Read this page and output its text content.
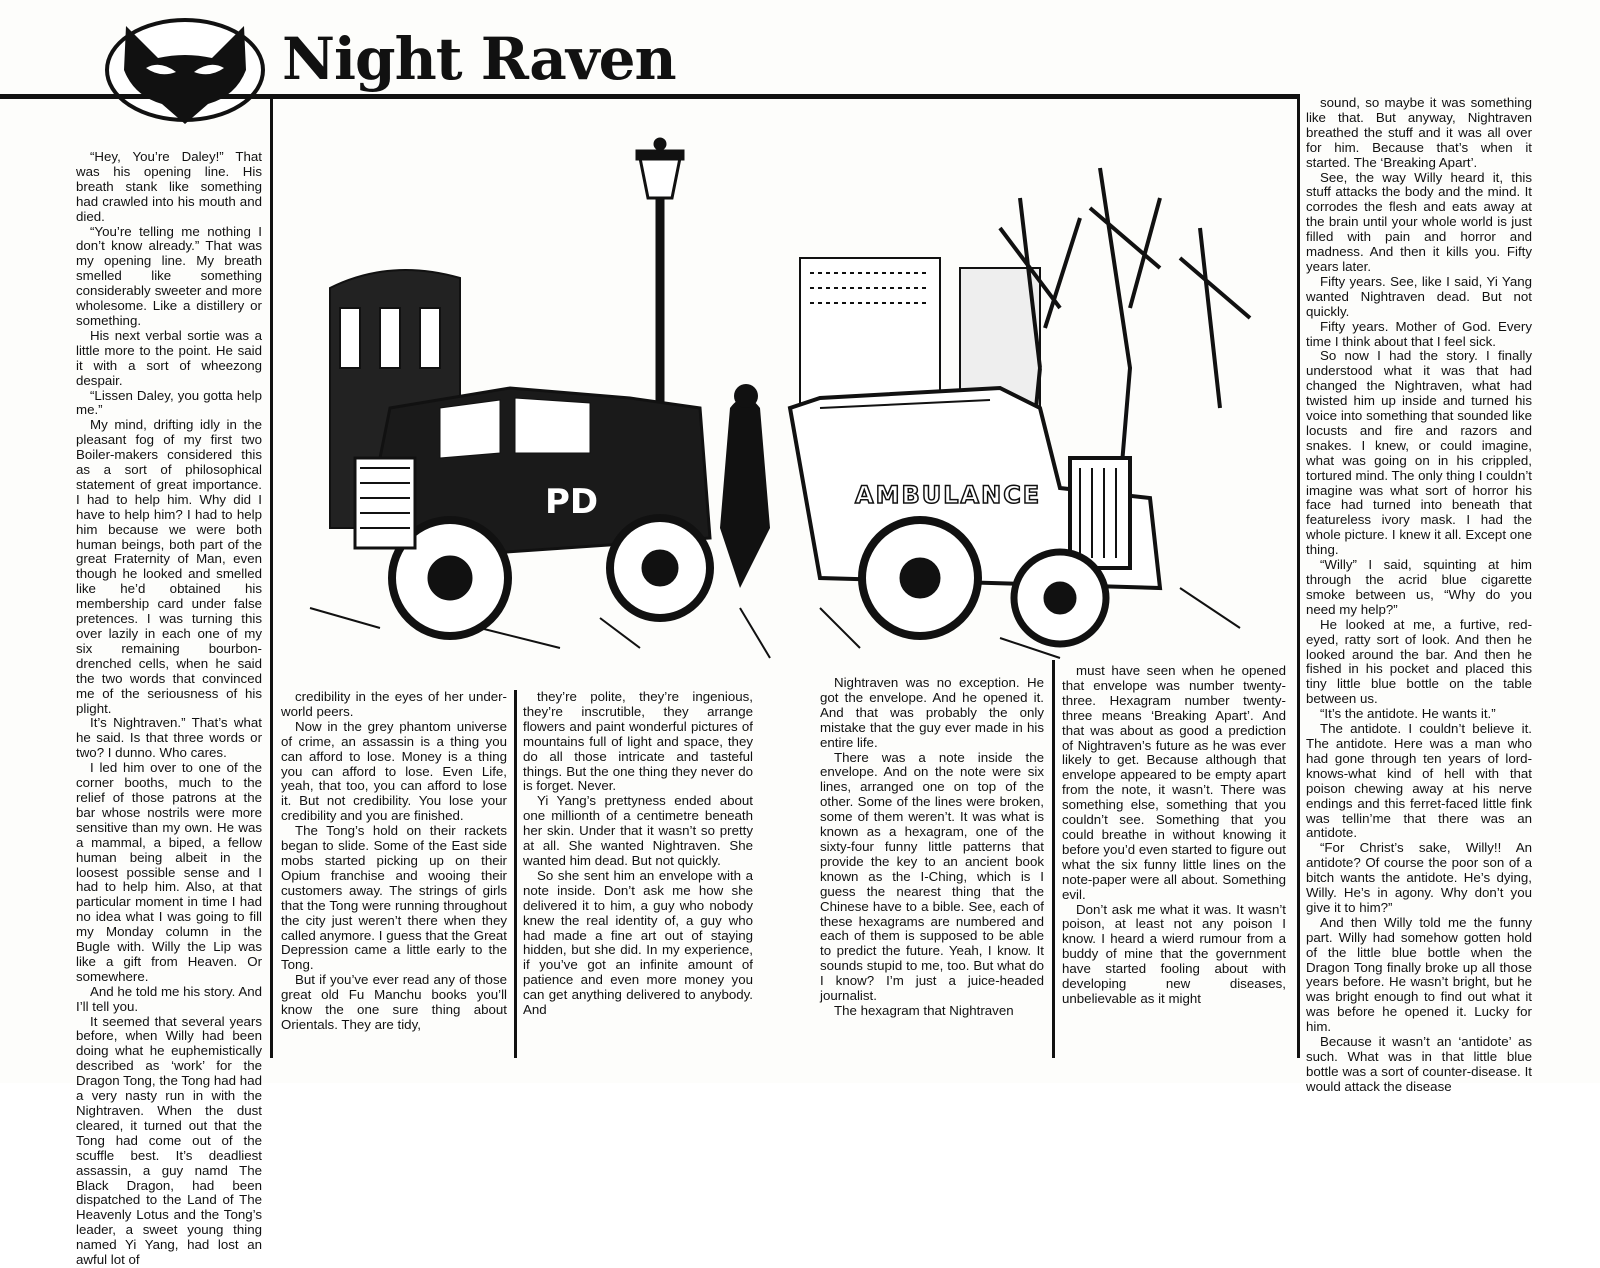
Night Raven
PD	AMBULANCE

“Hey, You’re Daley!” That was his opening line. His breath stank like something had crawled into his mouth and died.

“You’re telling me nothing I don’t know already.” That was my opening line. My breath smelled like something considerably sweeter and more wholesome. Like a distillery or something.

His next verbal sortie was a little more to the point. He said it with a sort of wheezong despair.

“Lissen Daley, you gotta help me.”

My mind, drifting idly in the pleasant fog of my first two Boiler-makers considered this as a sort of philosophical statement of great importance. I had to help him. Why did I have to help him? I had to help him because we were both human beings, both part of the great Fraternity of Man, even though he looked and smelled like he’d obtained his membership card under false pretences. I was turning this over lazily in each one of my six remaining bourbon-drenched cells, when he said the two words that convinced me of the seriousness of his plight.

It’s Nightraven.” That’s what he said. Is that three words or two? I dunno. Who cares.

I led him over to one of the corner booths, much to the relief of those patrons at the bar whose nostrils were more sensitive than my own. He was a mammal, a biped, a fellow human being albeit in the loosest possible sense and I had to help him. Also, at that particular moment in time I had no idea what I was going to fill my Monday column in the Bugle with. Willy the Lip was like a gift from Heaven. Or somewhere.

And he told me his story. And I’ll tell you.

It seemed that several years before, when Willy had been doing what he euphemistically described as ‘work’ for the Dragon Tong, the Tong had had a very nasty run in with the Nightraven. When the dust cleared, it turned out that the Tong had come out of the scuffle best. It’s deadliest assassin, a guy namd The Black Dragon, had been dispatched to the Land of The Heavenly Lotus and the Tong’s leader, a sweet young thing named Yi Yang, had lost an awful lot of

credibility in the eyes of her under-world peers.

Now in the grey phantom universe of crime, an assassin is a thing you can afford to lose. Money is a thing you can afford to lose. Even Life, yeah, that too, you can afford to lose it. But not credibility. You lose your credibility and you are finished.

The Tong’s hold on their rackets began to slide. Some of the East side mobs started picking up on their Opium franchise and wooing their customers away. The strings of girls that the Tong were running throughout the city just weren’t there when they called anymore. I guess that the Great Depression came a little early to the Tong.

But if you’ve ever read any of those great old Fu Manchu books you’ll know the one sure thing about Orientals. They are tidy,

they’re polite, they’re ingenious, they’re inscrutible, they arrange flowers and paint wonderful pictures of mountains full of light and space, they do all those intricate and tasteful things. But the one thing they never do is forget. Never.

Yi Yang’s prettyness ended about one millionth of a centimetre beneath her skin. Under that it wasn’t so pretty at all. She wanted Nightraven. She wanted him dead. But not quickly.

So she sent him an envelope with a note inside. Don’t ask me how she delivered it to him, a guy who nobody knew the real identity of, a guy who had made a fine art out of staying hidden, but she did. In my experience, if you’ve got an infinite amount of patience and even more money you can get anything delivered to anybody. And

Nightraven was no exception. He got the envelope. And he opened it. And that was probably the only mistake that the guy ever made in his entire life.

There was a note inside the envelope. And on the note were six lines, arranged one on top of the other. Some of the lines were broken, some of them weren’t. It was what is known as a hexagram, one of the sixty-four funny little patterns that provide the key to an ancient book known as the I-Ching, which is I guess the nearest thing that the Chinese have to a bible. See, each of these hexagrams are numbered and each of them is supposed to be able to predict the future. Yeah, I know. It sounds stupid to me, too. But what do I know? I’m just a juice-headed journalist.

The hexagram that Nightraven

must have seen when he opened that envelope was number twenty-three. Hexagram number twenty-three means ‘Breaking Apart’. And that was about as good a prediction of Nightraven’s future as he was ever likely to get. Because although that envelope appeared to be empty apart from the note, it wasn’t. There was something else, something that you couldn’t see. Something that you could breathe in without knowing it before you’d even started to figure out what the six funny little lines on the note-paper were all about. Something evil.

Don’t ask me what it was. It wasn’t poison, at least not any poison I know. I heard a wierd rumour from a buddy of mine that the government have started fooling about with developing new diseases, unbelievable as it might

sound, so maybe it was something like that. But anyway, Nightraven breathed the stuff and it was all over for him. Because that’s when it started. The ‘Breaking Apart’.

See, the way Willy heard it, this stuff attacks the body and the mind. It corrodes the flesh and eats away at the brain until your whole world is just filled with pain and horror and madness. And then it kills you. Fifty years later.

Fifty years. See, like I said, Yi Yang wanted Nightraven dead. But not quickly.

Fifty years. Mother of God. Every time I think about that I feel sick.

So now I had the story. I finally understood what it was that had changed the Nightraven, what had twisted him up inside and turned his voice into something that sounded like locusts and fire and razors and snakes. I knew, or could imagine, what was going on in his crippled, tortured mind. The only thing I couldn’t imagine was what sort of horror his face had turned into beneath that featureless ivory mask. I had the whole picture. I knew it all. Except one thing.

“Willy” I said, squinting at him through the acrid blue cigarette smoke between us, “Why do you need my help?”

He looked at me, a furtive, red-eyed, ratty sort of look. And then he looked around the bar. And then he fished in his pocket and placed this tiny little blue bottle on the table between us.

“It’s the antidote. He wants it.”

The antidote. I couldn’t believe it. The antidote. Here was a man who had gone through ten years of lord-knows-what kind of hell with that poison chewing away at his nerve endings and this ferret-faced little fink was tellin’me that there was an antidote.

“For Christ’s sake, Willy!! An antidote? Of course the poor son of a bitch wants the antidote. He’s dying, Willy. He’s in agony. Why don’t you give it to him?”

And then Willy told me the funny part. Willy had somehow gotten hold of the little blue bottle when the Dragon Tong finally broke up all those years before. He wasn’t bright, but he was bright enough to find out what it was before he opened it. Lucky for him.

Because it wasn’t an ‘antidote’ as such. What was in that little blue bottle was a sort of counter-disease. It would attack the disease
